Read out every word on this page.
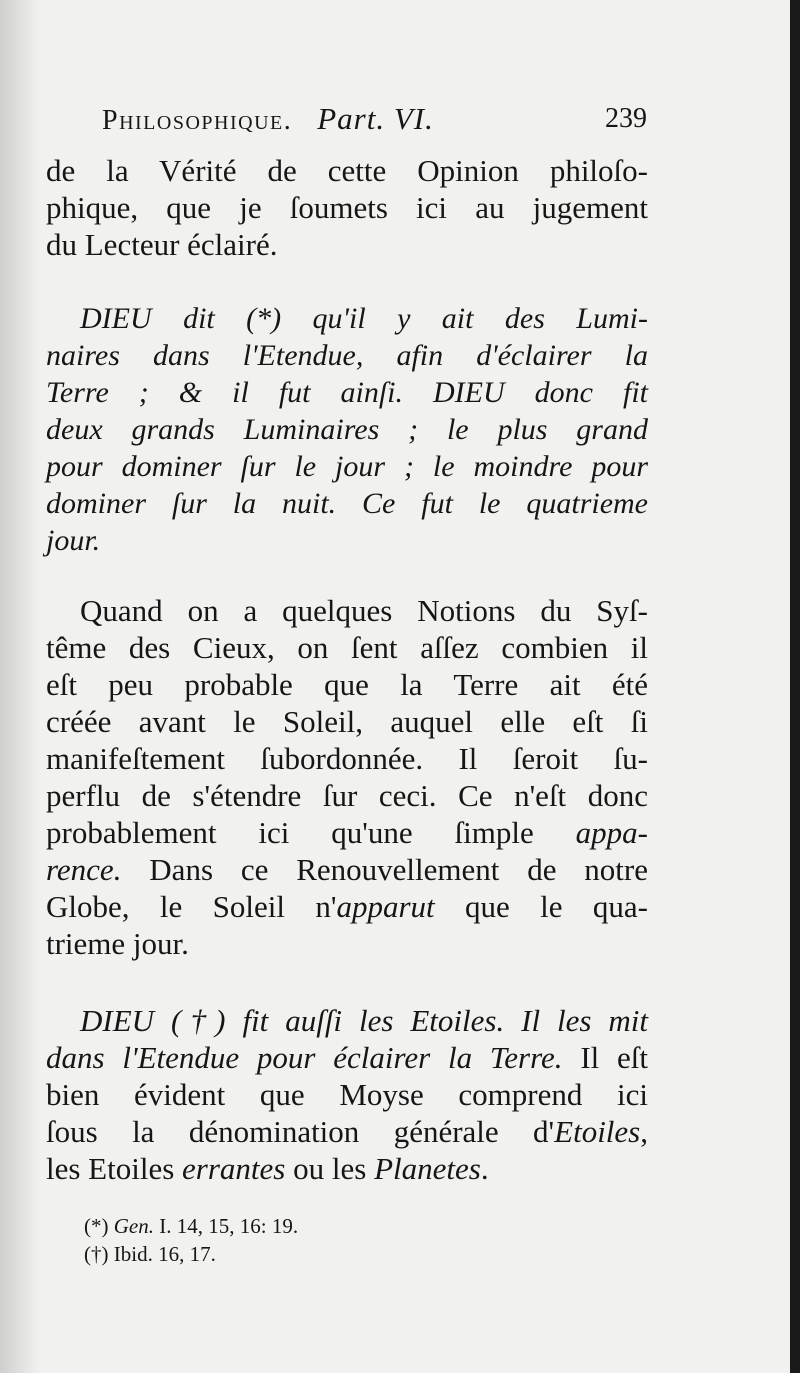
Philosophique. Part. VI.	239
de la Vérité de cette Opinion philoſo-
phique, que je ſoumets ici au jugement
du Lecteur éclairé.
DIEU dit (*) qu'il y ait des Lumi-
naires dans l'Etendue, afin d'éclairer la
Terre ; & il fut ainſi. DIEU donc fit
deux grands Luminaires ; le plus grand
pour dominer ſur le jour ; le moindre pour
dominer ſur la nuit. Ce fut le quatrieme
jour.
Quand on a quelques Notions du Syſ-
tême des Cieux, on ſent aſſez combien il
eſt peu probable que la Terre ait été
créée avant le Soleil, auquel elle eſt ſi
manifeſtement ſubordonnée. Il ſeroit ſu-
perflu de s'étendre ſur ceci. Ce n'eſt donc
probablement ici qu'une ſimple appa-
rence. Dans ce Renouvellement de notre
Globe, le Soleil n'apparut que le qua-
trieme jour.
DIEU (†) fit auſſi les Etoiles. Il les mit
dans l'Etendue pour éclairer la Terre. Il eſt
bien évident que Moyse comprend ici
ſous la dénomination générale d'Etoiles,
les Etoiles errantes ou les Planetes.
(*) Gen. I. 14, 15, 16: 19.
(†) Ibid. 16, 17.
